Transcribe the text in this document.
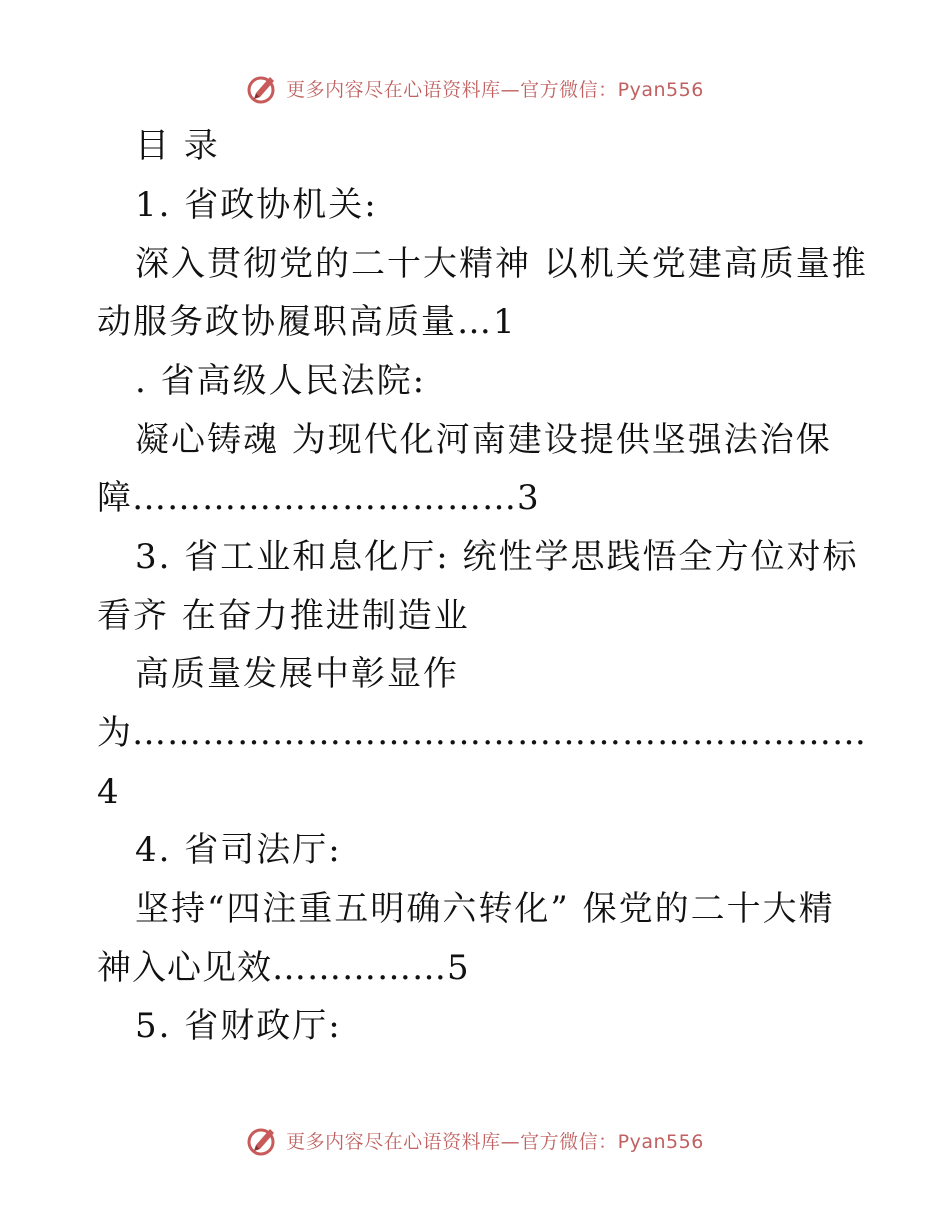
更多内容尽在心语资料库—官方微信：Pyan556
目 录
1. 省政协机关:
深入贯彻党的二十大精神 以机关党建高质量推
动服务政协履职高质量…1
. 省高级人民法院:
凝心铸魂 为现代化河南建设提供坚强法治保
障……………………………3
3. 省工业和息化厅: 统性学思践悟全方位对标
看齐 在奋力推进制造业
高质量发展中彰显作
为………………………………………………………
4
4. 省司法厅:
坚持“四注重五明确六转化” 保党的二十大精
神入心见效……………5
5. 省财政厅:
更多内容尽在心语资料库—官方微信：Pyan556
